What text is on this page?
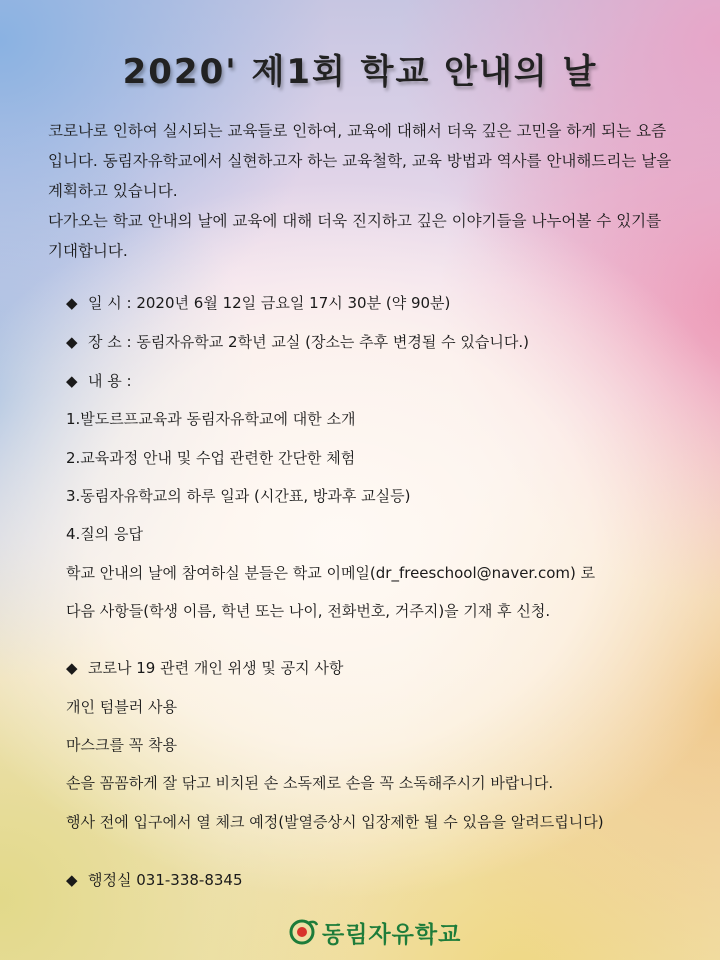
2020' 제1회 학교 안내의 날

코로나로 인하여 실시되는 교육들로 인하여, 교육에 대해서 더욱 깊은 고민을 하게 되는 요즘입니다. 동림자유학교에서 실현하고자 하는 교육철학, 교육 방법과 역사를 안내해드리는 날을 계획하고 있습니다.

다가오는 학교 안내의 날에 교육에 대해 더욱 진지하고 깊은 이야기들을 나누어볼 수 있기를 기대합니다.

◆ 일 시 : 2020년 6월 12일 금요일 17시 30분 (약 90분)
◆ 장 소 : 동림자유학교 2학년 교실 (장소는 추후 변경될 수 있습니다.)
◆ 내 용 :
1.발도르프교육과 동림자유학교에 대한 소개
2.교육과정 안내 및 수업 관련한 간단한 체험
3.동림자유학교의 하루 일과 (시간표, 방과후 교실등)
4.질의 응답
학교 안내의 날에 참여하실 분들은 학교 이메일(dr_freeschool@naver.com) 로
다음 사항들(학생 이름, 학년 또는 나이, 전화번호, 거주지)을 기재 후 신청.
◆ 코로나 19 관련 개인 위생 및 공지 사항
개인 텀블러 사용
마스크를 꼭 착용
손을 꼼꼼하게 잘 닦고 비치된 손 소독제로 손을 꼭 소독해주시기 바랍니다.
행사 전에 입구에서 열 체크 예정(발열증상시 입장제한 될 수 있음을 알려드립니다)
◆ 행정실 031-338-8345
동림자유학교
